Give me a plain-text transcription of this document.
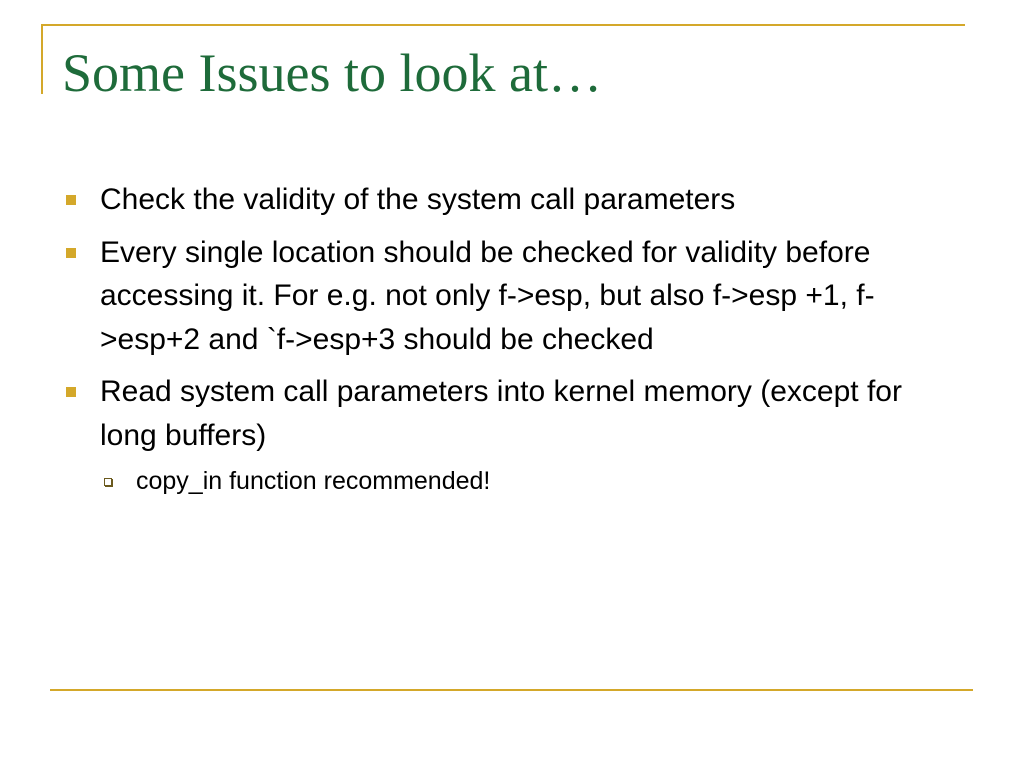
Some Issues to look at…
Check the validity of the system call parameters
Every single location should be checked for validity before accessing it. For e.g. not only f->esp, but also f->esp +1, f->esp+2 and `f->esp+3 should be checked
Read system call parameters into kernel memory (except for long buffers)
copy_in function recommended!
